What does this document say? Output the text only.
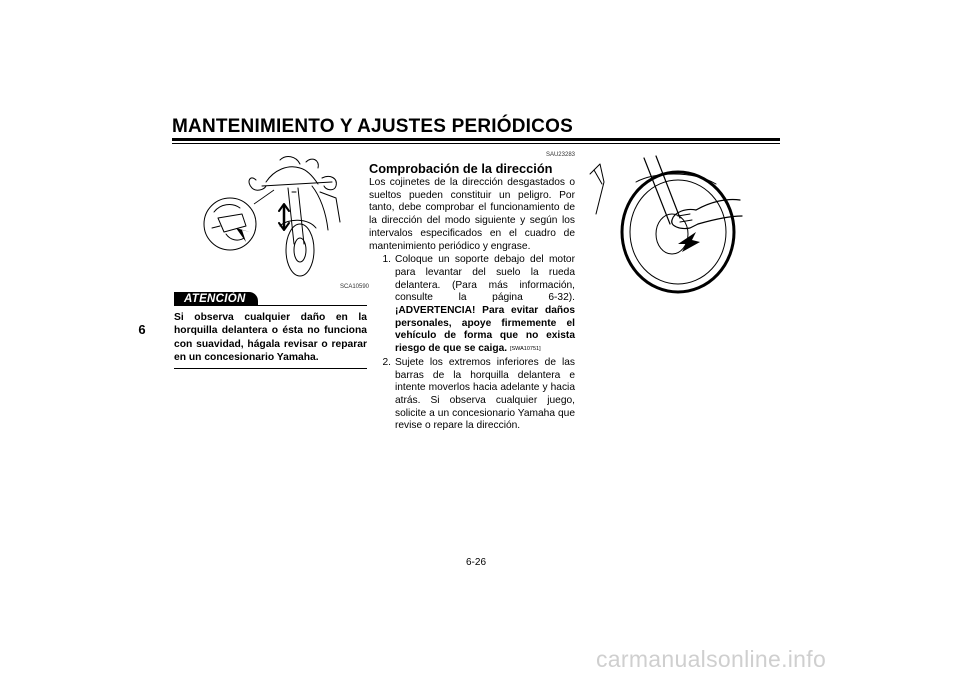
MANTENIMIENTO Y AJUSTES PERIÓDICOS
6
SCA10590
ATENCIÓN
Si observa cualquier daño en la horquilla delantera o ésta no funciona con suavidad, hágala revisar o reparar en un concesionario Yamaha.
SAU23283
Comprobación de la dirección
Los cojinetes de la dirección desgastados o sueltos pueden constituir un peligro. Por tanto, debe comprobar el funcionamiento de la dirección del modo siguiente y según los intervalos especificados en el cuadro de mantenimiento periódico y engrase.
1. Coloque un soporte debajo del motor para levantar del suelo la rueda delantera. (Para más información, consulte la página 6-32). ¡ADVERTENCIA! Para evitar daños personales, apoye firmemente el vehículo de forma que no exista riesgo de que se caiga. [SWA10751]
2. Sujete los extremos inferiores de las barras de la horquilla delantera e intente moverlos hacia adelante y hacia atrás. Si observa cualquier juego, solicite a un concesionario Yamaha que revise o repare la dirección.
6-26
carmanualsonline.info
